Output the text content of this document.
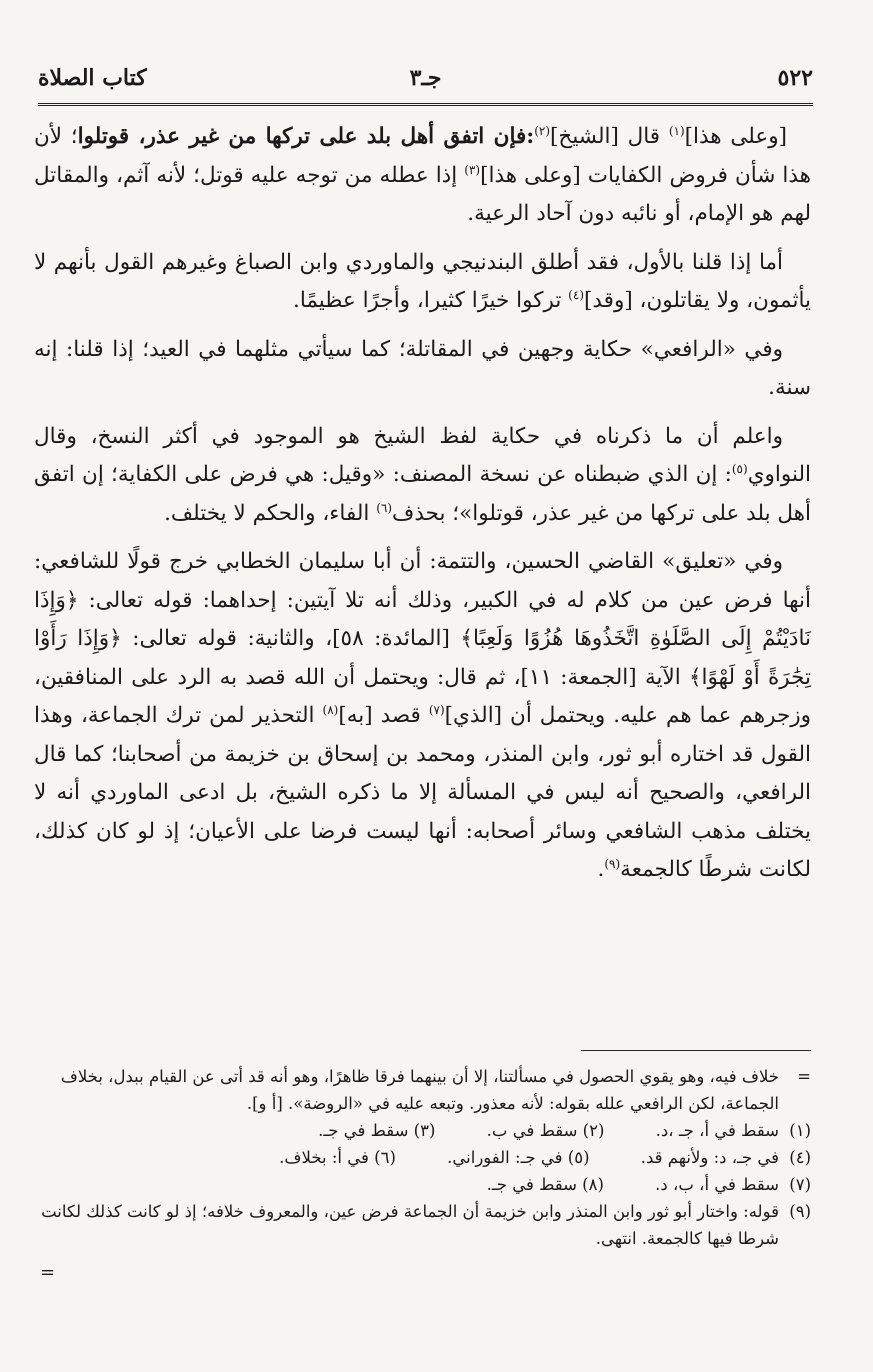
٥٢٢
جـ٣
كتاب الصلاة

[وعلى هذا]$^{(١)}$ قال [الشيخ]$^{(٢)}$:فإن اتفق أهل بلد على تركها من غير عذر، قوتلوا؛ لأن هذا شأن فروض الكفايات [وعلى هذا]$^{(٣)}$ إذا عطله من توجه عليه قوتل؛ لأنه آثم، والمقاتل لهم هو الإمام، أو نائبه دون آحاد الرعية.

أما إذا قلنا بالأول، فقد أطلق البندنيجي والماوردي وابن الصباغ وغيرهم القول بأنهم لا يأثمون، ولا يقاتلون، [وقد]$^{(٤)}$ تركوا خيرًا كثيرا، وأجرًا عظيمًا.

وفي «الرافعي» حكاية وجهين في المقاتلة؛ كما سيأتي مثلهما في العيد؛ إذا قلنا: إنه سنة.

واعلم أن ما ذكرناه في حكاية لفظ الشيخ هو الموجود في أكثر النسخ، وقال النواوي$^{(٥)}$: إن الذي ضبطناه عن نسخة المصنف: «وقيل: هي فرض على الكفاية؛ إن اتفق أهل بلد على تركها من غير عذر، قوتلوا»؛ بحذف$^{(٦)}$ الفاء، والحكم لا يختلف.

وفي «تعليق» القاضي الحسين، والتتمة: أن أبا سليمان الخطابي خرج قولًا للشافعي: أنها فرض عين من كلام له في الكبير، وذلك أنه تلا آيتين: إحداهما: قوله تعالى: ﴿وَإِذَا نَادَيْتُمْ إِلَى الصَّلَوٰةِ اتَّخَذُوهَا هُزُوًا وَلَعِبًا﴾ [المائدة: ٥٨]، والثانية: قوله تعالى: ﴿وَإِذَا رَأَوْا تِجَٰرَةً أَوْ لَهْوًا﴾ الآية [الجمعة: ١١]، ثم قال: ويحتمل أن الله قصد به الرد على المنافقين، وزجرهم عما هم عليه. ويحتمل أن [الذي]$^{(٧)}$ قصد [به]$^{(٨)}$ التحذير لمن ترك الجماعة، وهذا القول قد اختاره أبو ثور، وابن المنذر، ومحمد بن إسحاق بن خزيمة من أصحابنا؛ كما قال الرافعي، والصحيح أنه ليس في المسألة إلا ما ذكره الشيخ، بل ادعى الماوردي أنه لا يختلف مذهب الشافعي وسائر أصحابه: أنها ليست فرضا على الأعيان؛ إذ لو كان كذلك، لكانت شرطًا كالجمعة$^{(٩)}$.

=
خلاف فيه، وهو يقوي الحصول في مسألتنا، إلا أن بينهما فرقا ظاهرًا، وهو أنه قد أتى عن القيام ببدل، بخلاف الجماعة، لكن الرافعي علله بقوله: لأنه معذور. وتبعه عليه في «الروضة». [أ و].
(١)
سقط في أ، جـ ،د. (٢) سقط في ب. (٣) سقط في جـ.
(٤)
في جـ، د: ولأنهم قد. (٥) في جـ: الفوراني. (٦) في أ: بخلاف.
(٧)
سقط في أ، ب، د. (٨) سقط في جـ.
(٩)
قوله: واختار أبو ثور وابن المنذر وابن خزيمة أن الجماعة فرض عين، والمعروف خلافه؛ إذ لو كانت كذلك لكانت شرطا فيها كالجمعة. انتهى.
=
